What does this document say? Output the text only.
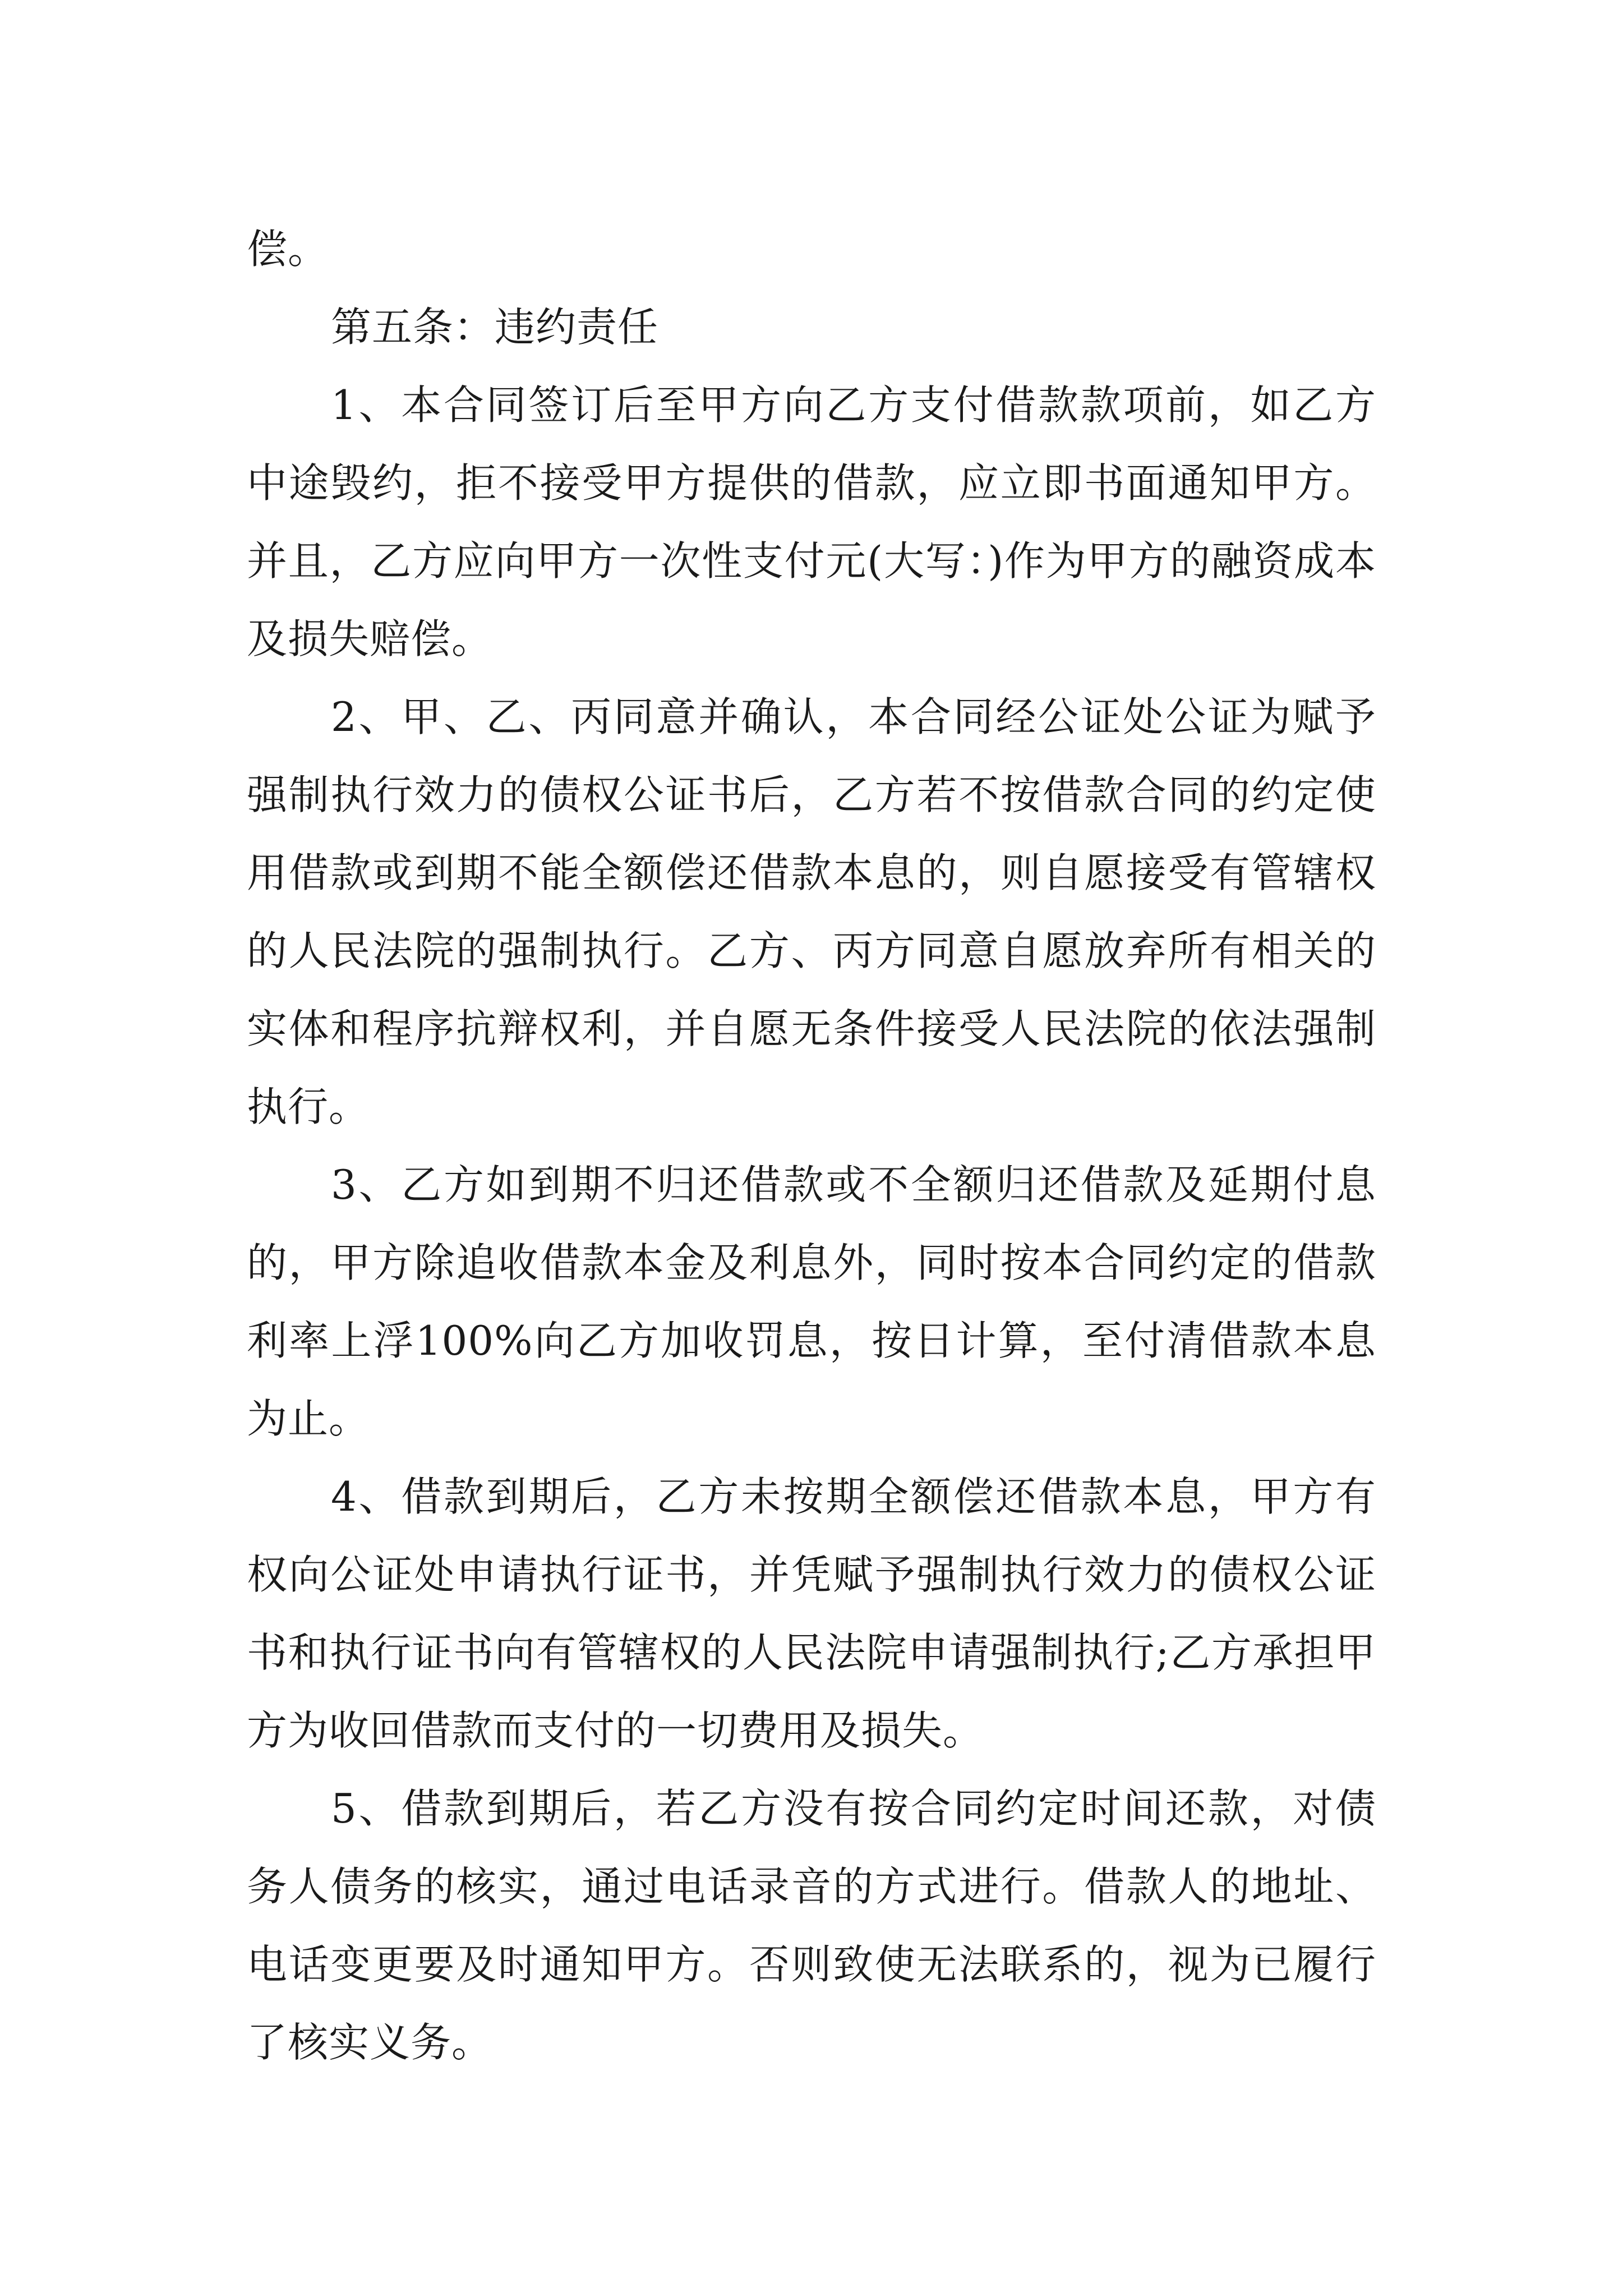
偿。

第五条：违约责任

1、本合同签订后至甲方向乙方支付借款款项前，如乙方中途毁约，拒不接受甲方提供的借款，应立即书面通知甲方。并且，乙方应向甲方一次性支付元(大写：)作为甲方的融资成本及损失赔偿。

2、甲、乙、丙同意并确认，本合同经公证处公证为赋予强制执行效力的债权公证书后，乙方若不按借款合同的约定使用借款或到期不能全额偿还借款本息的，则自愿接受有管辖权的人民法院的强制执行。乙方、丙方同意自愿放弃所有相关的实体和程序抗辩权利，并自愿无条件接受人民法院的依法强制执行。

3、乙方如到期不归还借款或不全额归还借款及延期付息的，甲方除追收借款本金及利息外，同时按本合同约定的借款利率上浮100%向乙方加收罚息，按日计算，至付清借款本息为止。

4、借款到期后，乙方未按期全额偿还借款本息，甲方有权向公证处申请执行证书，并凭赋予强制执行效力的债权公证书和执行证书向有管辖权的人民法院申请强制执行;乙方承担甲方为收回借款而支付的一切费用及损失。

5、借款到期后，若乙方没有按合同约定时间还款，对债务人债务的核实，通过电话录音的方式进行。借款人的地址、电话变更要及时通知甲方。否则致使无法联系的，视为已履行了核实义务。
